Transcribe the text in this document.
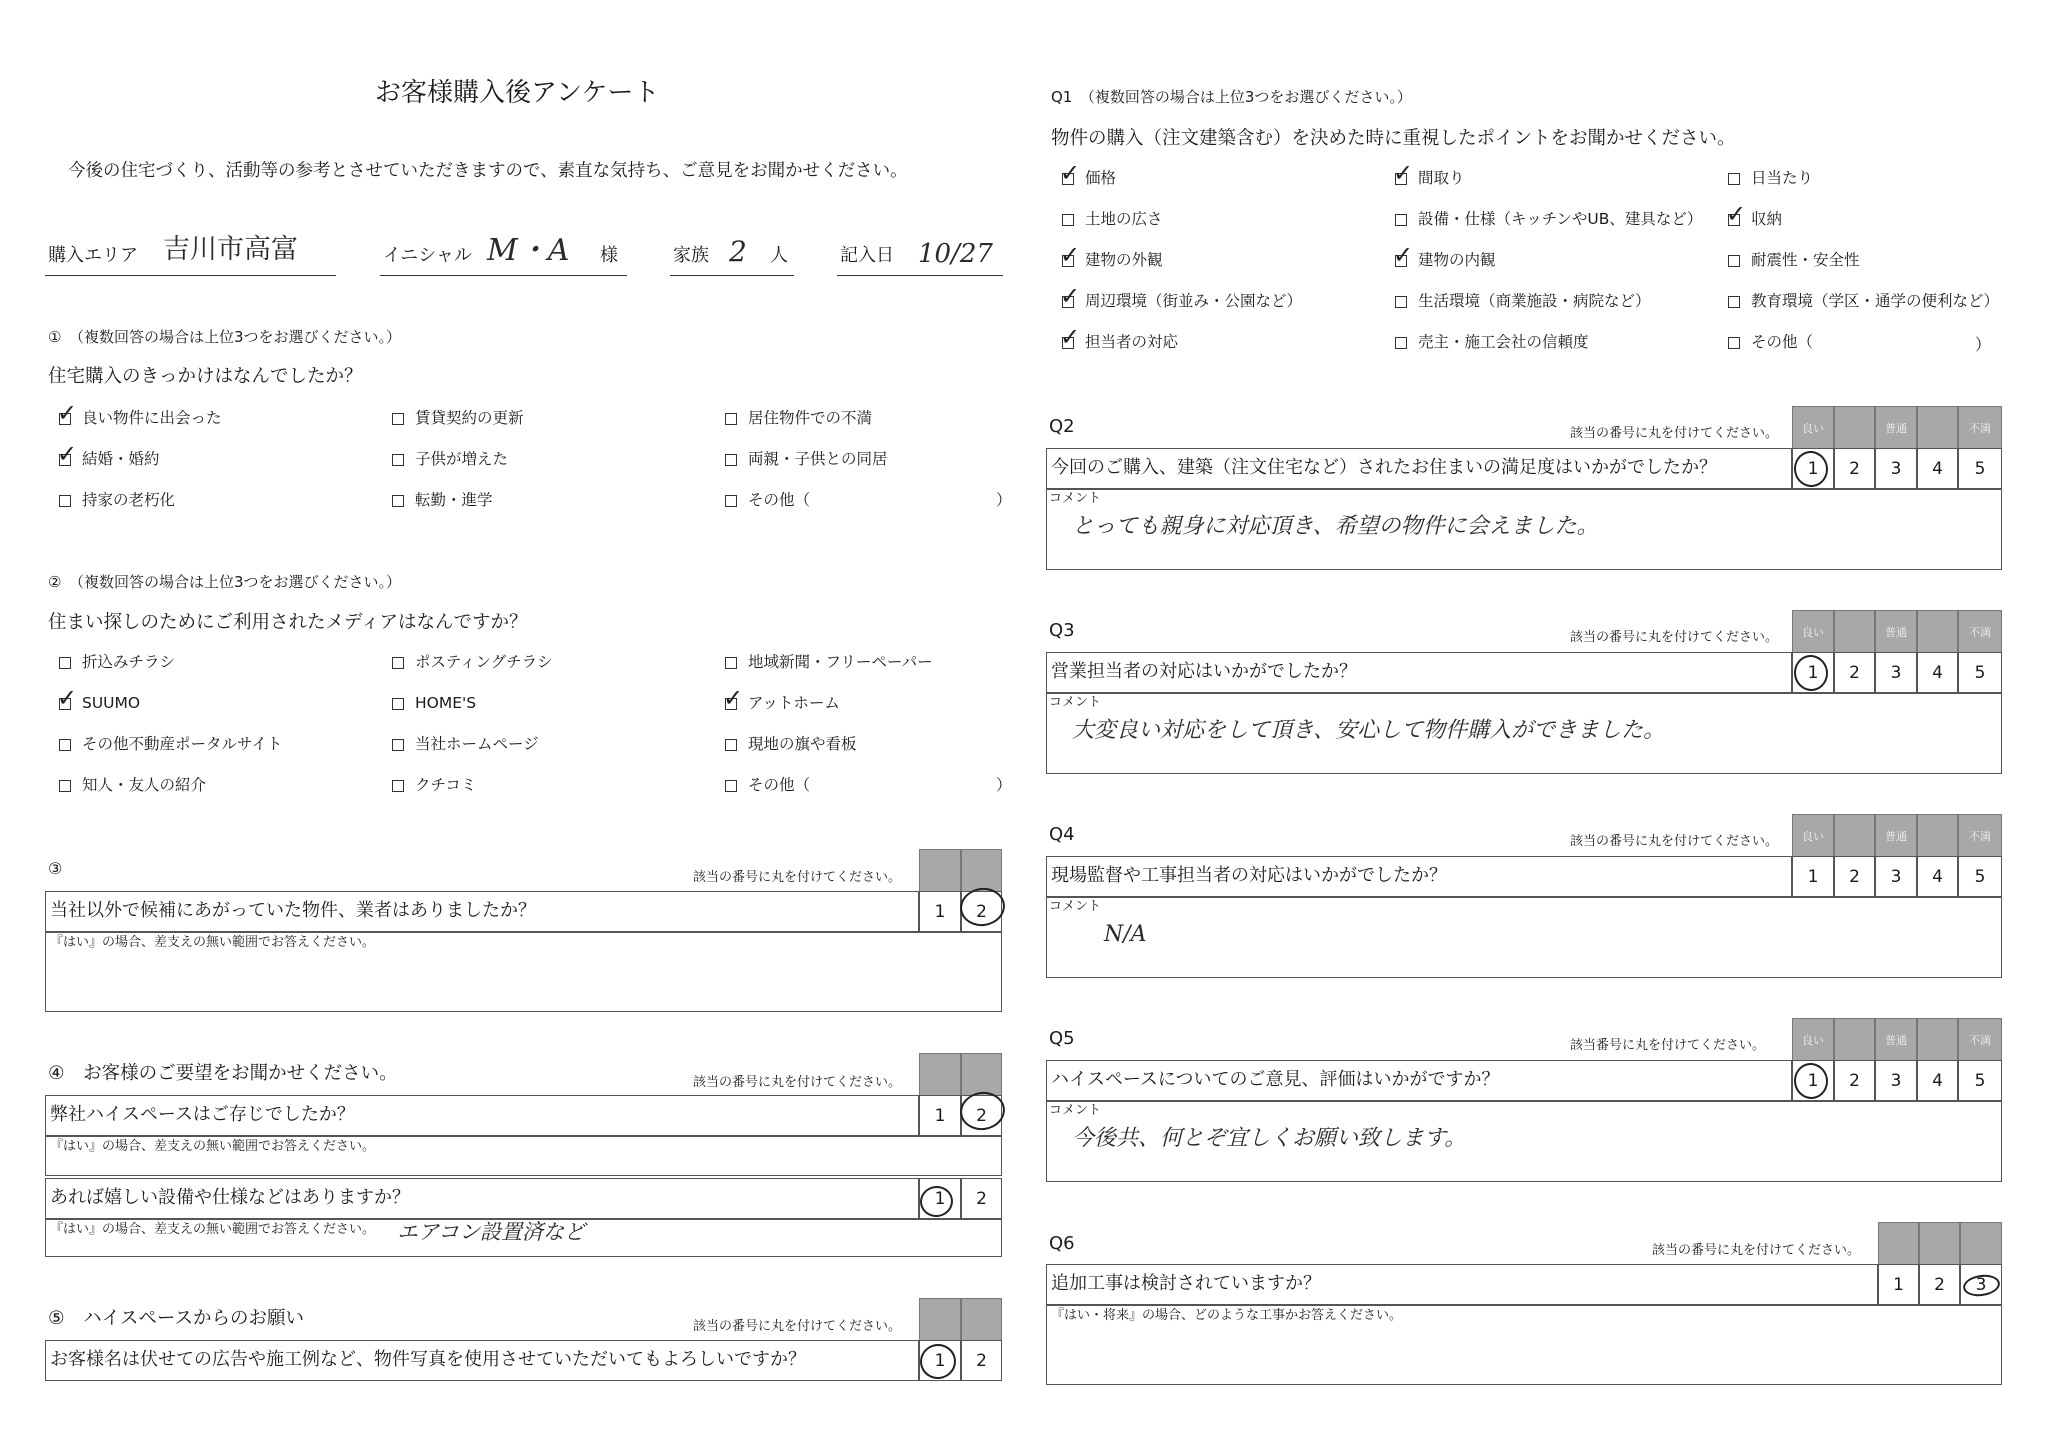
お客様購入後アンケート
今後の住宅づくり、活動等の参考とさせていただきますので、素直な気持ち、ご意見をお聞かせください。
購入エリア 吉川市高富	イニシャル M・A 様	家族 2 人	記入日 10/27
①　（複数回答の場合は上位3つをお選びください。）
住宅購入のきっかけはなんでしたか？
✓ 良い物件に出会った	賃貸契約の更新	居住物件での不満
✓ 結婚・婚約	子供が増えた	両親・子供との同居
持家の老朽化	転勤・進学	その他（　　　　　　　　　　　　）
②　（複数回答の場合は上位3つをお選びください。）
住まい探しのためにご利用されたメディアはなんですか？
折込みチラシ	ポスティングチラシ	地域新聞・フリーペーパー
✓ SUUMO	HOME'S	✓ アットホーム
その他不動産ポータルサイト	当社ホームページ	現地の旗や看板
知人・友人の紹介	クチコミ	その他（　　　　　　　　　　　　）
③	該当の番号に丸を付けてください。
当社以外で候補にあがっていた物件、業者はありましたか？	1	2
『はい』の場合、差支えの無い範囲でお答えください。
④　お客様のご要望をお聞かせください。	該当の番号に丸を付けてください。
弊社ハイスペースはご存じでしたか？	1	2
『はい』の場合、差支えの無い範囲でお答えください。
あれば嬉しい設備や仕様などはありますか？	1	2
『はい』の場合、差支えの無い範囲でお答えください。 エアコン設置済など
⑤　ハイスペースからのお願い	該当の番号に丸を付けてください。
お客様名は伏せての広告や施工例など、物件写真を使用させていただいてもよろしいですか？	1	2
Q1　（複数回答の場合は上位3つをお選びください。）
物件の購入（注文建築含む）を決めた時に重視したポイントをお聞かせください。
✓ 価格	✓ 間取り	日当たり
土地の広さ	設備・仕様（キッチンやUB、建具など） ✓ 収納
✓ 建物の外観	✓ 建物の内観	耐震性・安全性
✓ 周辺環境（街並み・公園など）	生活環境（商業施設・病院など）	教育環境（学区・通学の便利など）
✓ 担当者の対応	売主・施工会社の信頼度	その他（	）
Q2	該当の番号に丸を付けてください。	良い	普通	不満
今回のご購入、建築（注文住宅など）されたお住まいの満足度はいかがでしたか？	1	2	3	4	5
コメント
とっても親身に対応頂き、希望の物件に会えました。
Q3	該当の番号に丸を付けてください。	良い	普通	不満
営業担当者の対応はいかがでしたか？	1	2	3	4	5
コメント
大変良い対応をして頂き、安心して物件購入ができました。
Q4	該当の番号に丸を付けてください。	良い	普通	不満
現場監督や工事担当者の対応はいかがでしたか？	1	2	3	4	5
コメント
N/A
Q5	該当番号に丸を付けてください。	良い	普通	不満
ハイスペースについてのご意見、評価はいかがですか？	1	2	3	4	5
コメント
今後共、何とぞ宜しくお願い致します。
Q6	該当の番号に丸を付けてください。
追加工事は検討されていますか？	1	2	3
『はい・将来』の場合、どのような工事かお答えください。
